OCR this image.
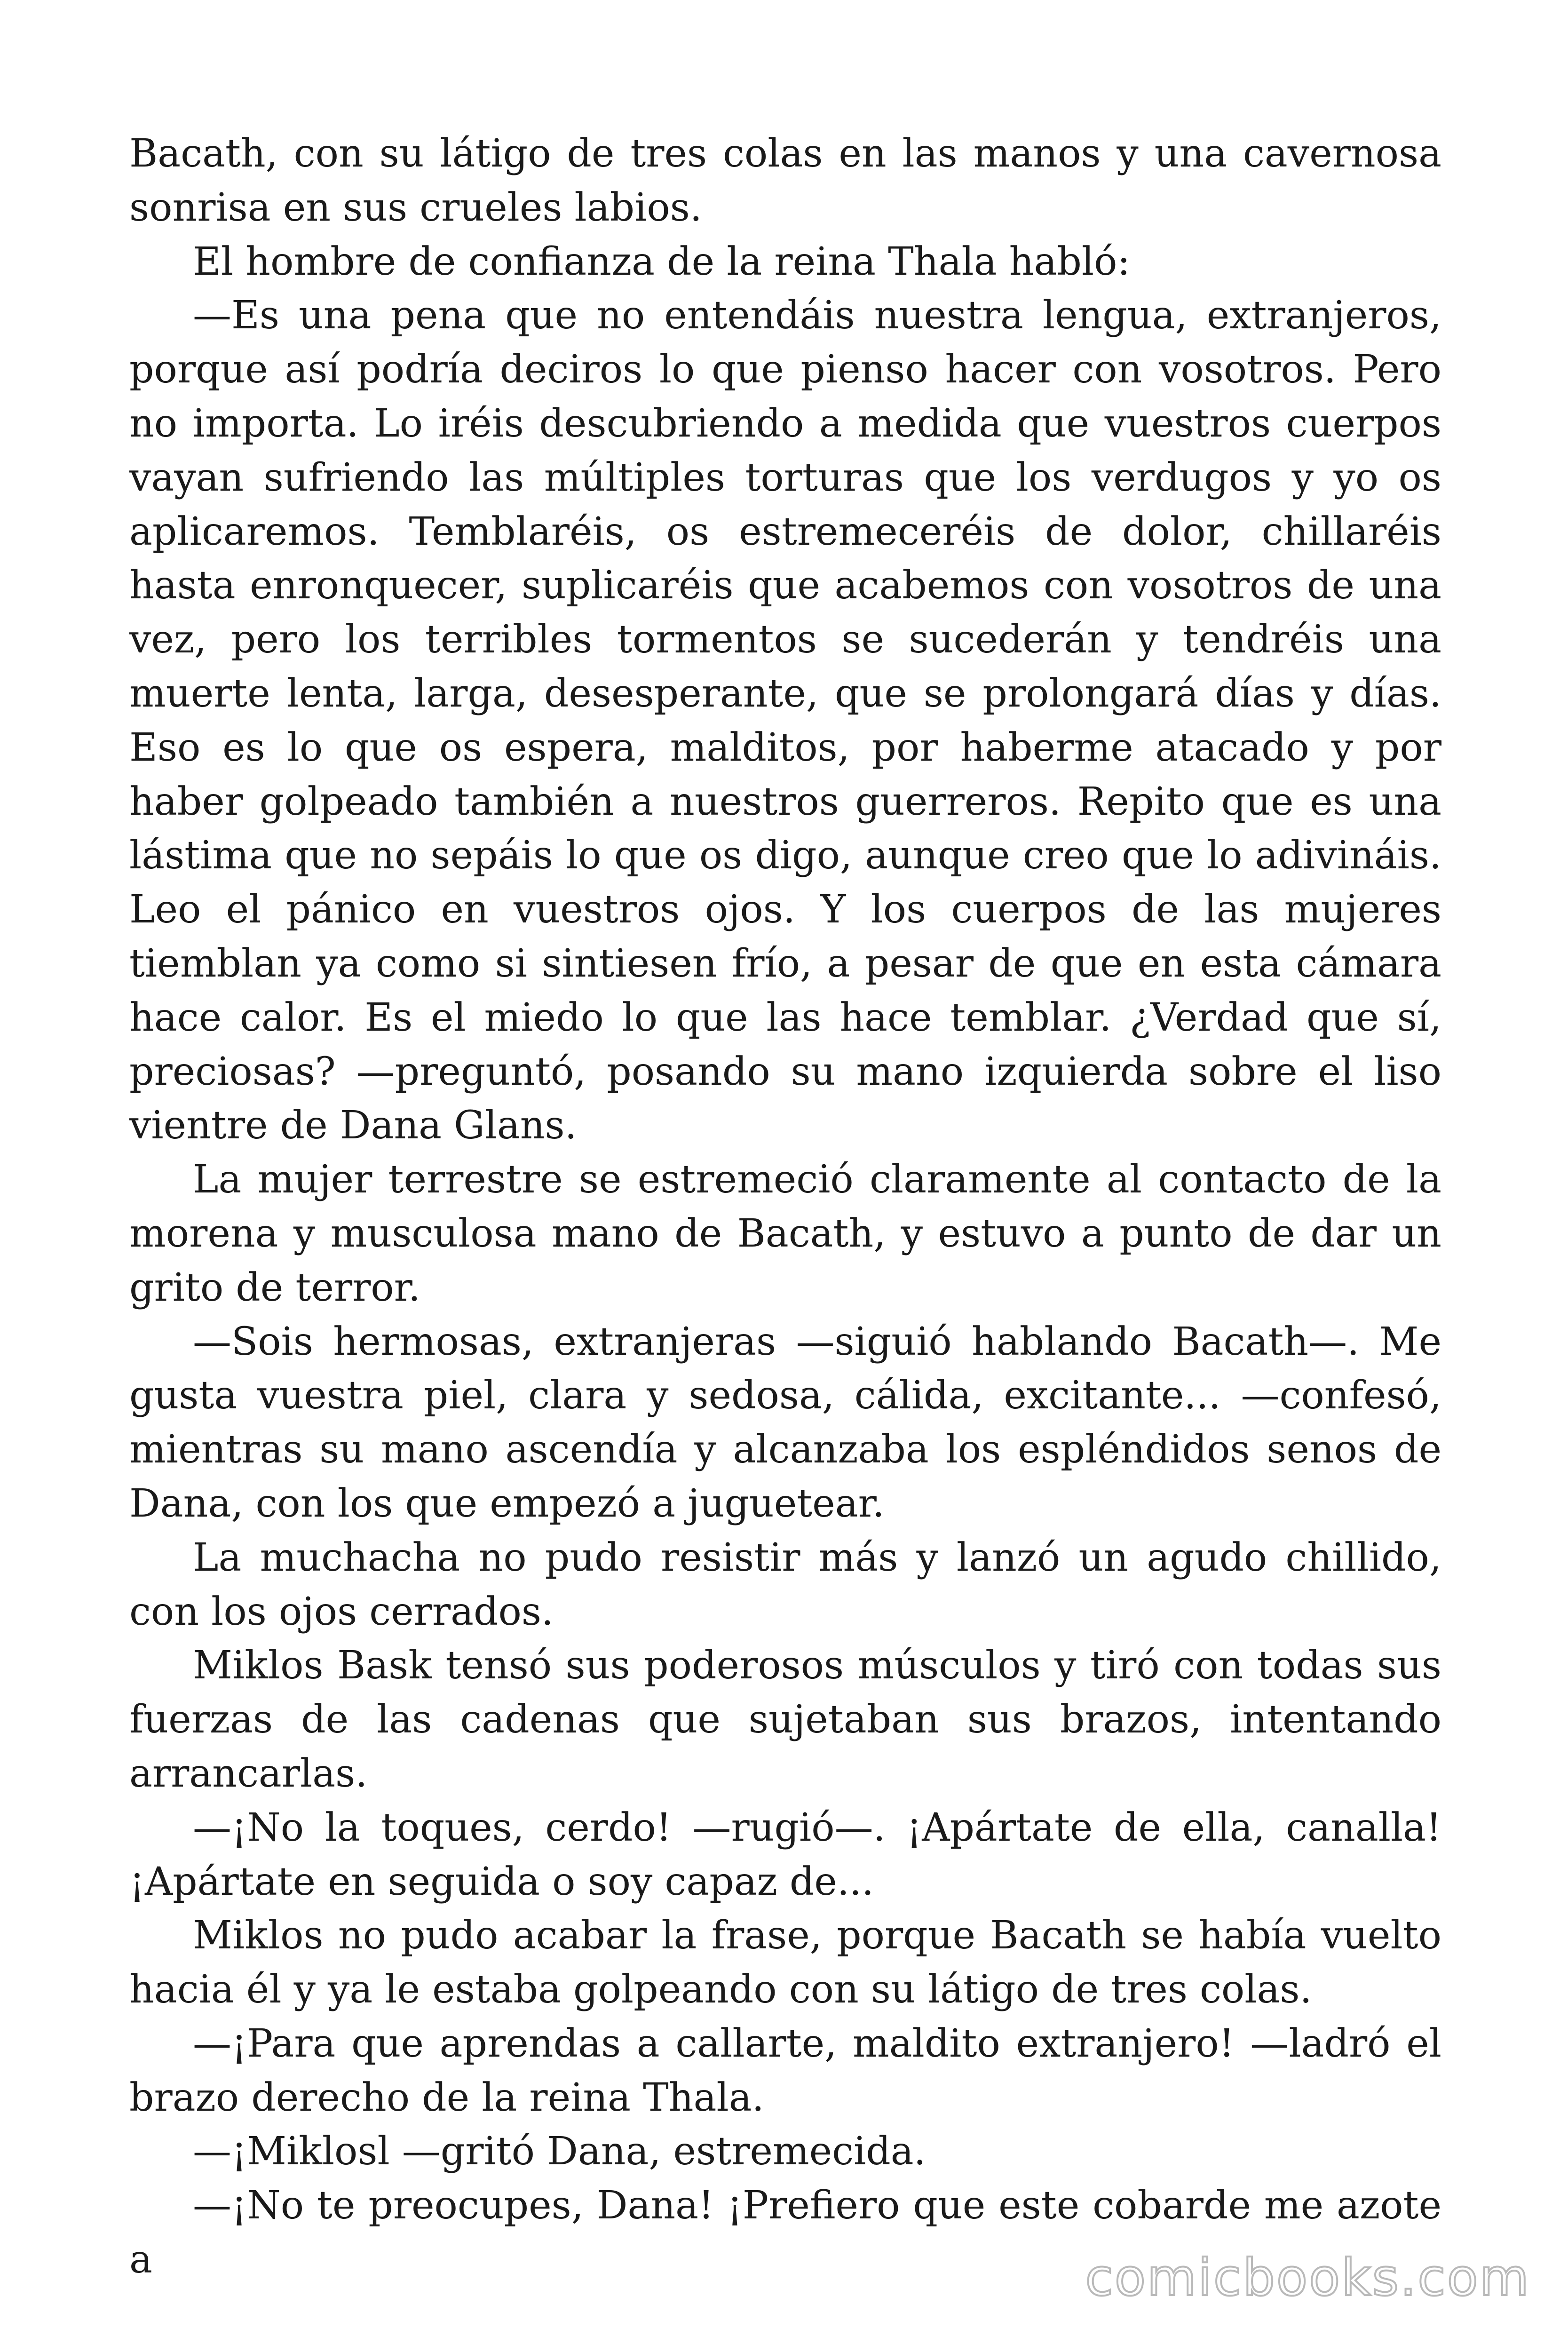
Bacath, con su látigo de tres colas en las manos y una cavernosa sonrisa en sus crueles labios.

El hombre de confianza de la reina Thala habló:

—Es una pena que no entendáis nuestra lengua, extranjeros, porque así podría deciros lo que pienso hacer con vosotros. Pero no importa. Lo iréis descubriendo a medida que vuestros cuerpos vayan sufriendo las múltiples torturas que los verdugos y yo os aplicaremos. Temblaréis, os estremeceréis de dolor, chillaréis hasta enronquecer, suplicaréis que acabemos con vosotros de una vez, pero los terribles tormentos se sucederán y tendréis una muerte lenta, larga, desesperante, que se prolongará días y días. Eso es lo que os espera, malditos, por haberme atacado y por haber golpeado también a nuestros guerreros. Repito que es una lástima que no sepáis lo que os digo, aunque creo que lo adivináis. Leo el pánico en vuestros ojos. Y los cuerpos de las mujeres tiemblan ya como si sintiesen frío, a pesar de que en esta cámara hace calor. Es el miedo lo que las hace temblar. ¿Verdad que sí, preciosas? —preguntó, posando su mano izquierda sobre el liso vientre de Dana Glans.

La mujer terrestre se estremeció claramente al contacto de la morena y musculosa mano de Bacath, y estuvo a punto de dar un grito de terror.

—Sois hermosas, extranjeras —siguió hablando Bacath—. Me gusta vuestra piel, clara y sedosa, cálida, excitante... —confesó, mientras su mano ascendía y alcanzaba los espléndidos senos de Dana, con los que empezó a juguetear.

La muchacha no pudo resistir más y lanzó un agudo chillido, con los ojos cerrados.

Miklos Bask tensó sus poderosos músculos y tiró con todas sus fuerzas de las cadenas que sujetaban sus brazos, intentando arrancarlas.

—¡No la toques, cerdo! —rugió—. ¡Apártate de ella, canalla! ¡Apártate en seguida o soy capaz de...

Miklos no pudo acabar la frase, porque Bacath se había vuelto hacia él y ya le estaba golpeando con su látigo de tres colas.

—¡Para que aprendas a callarte, maldito extranjero! —ladró el brazo derecho de la reina Thala.

—¡Miklosl —gritó Dana, estremecida.

—¡No te preocupes, Dana! ¡Prefiero que este cobarde me azote a	comicbooks.com
